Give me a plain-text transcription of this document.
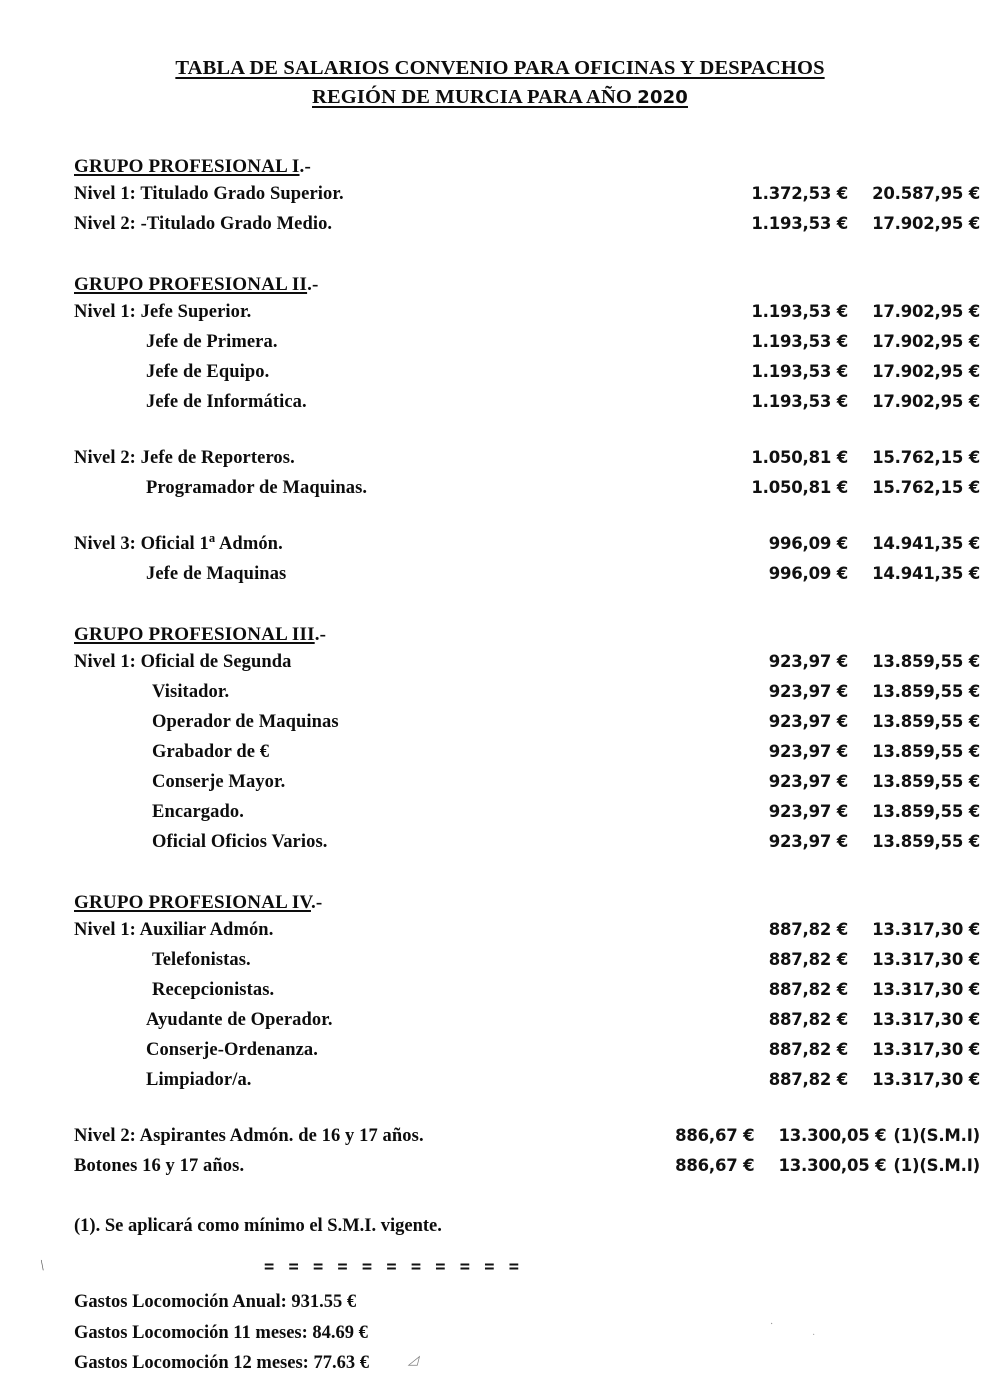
TABLA DE SALARIOS CONVENIO PARA OFICINAS Y DESPACHOS
REGIÓN DE MURCIA PARA AÑO 2020
GRUPO PROFESIONAL I.-
Nivel 1: Titulado Grado Superior.	1.372,53 €	20.587,95 €
Nivel 2: -Titulado Grado Medio.	1.193,53 €	17.902,95 €
GRUPO PROFESIONAL II.-
Nivel 1: Jefe Superior.	1.193,53 €	17.902,95 €
Jefe de Primera.	1.193,53 €	17.902,95 €
Jefe de Equipo.	1.193,53 €	17.902,95 €
Jefe de Informática.	1.193,53 €	17.902,95 €
Nivel 2: Jefe de Reporteros.	1.050,81 €	15.762,15 €
Programador de Maquinas.	1.050,81 €	15.762,15 €
Nivel 3: Oficial 1$^a$ Admón.	996,09 €	14.941,35 €
Jefe de Maquinas	996,09 €	14.941,35 €
GRUPO PROFESIONAL III.-
Nivel 1: Oficial de Segunda	923,97 €	13.859,55 €
Visitador.	923,97 €	13.859,55 €
Operador de Maquinas	923,97 €	13.859,55 €
Grabador de €	923,97 €	13.859,55 €
Conserje Mayor.	923,97 €	13.859,55 €
Encargado.	923,97 €	13.859,55 €
Oficial Oficios Varios.	923,97 €	13.859,55 €
GRUPO PROFESIONAL IV.-
Nivel 1: Auxiliar Admón.	887,82 €	13.317,30 €
Telefonistas.	887,82 €	13.317,30 €
Recepcionistas.	887,82 €	13.317,30 €
Ayudante de Operador.	887,82 €	13.317,30 €
Conserje-Ordenanza.	887,82 €	13.317,30 €
Limpiador/a.	887,82 €	13.317,30 €
Nivel 2: Aspirantes Admón. de 16 y 17 años.	886,67 €	13.300,05 € (1)(S.M.I)
Botones 16 y 17 años.	886,67 €	13.300,05 € (1)(S.M.I)
(1). Se aplicará como mínimo el S.M.I. vigente.
= = = = = = = = = = =
Gastos Locomoción Anual: 931.55 €
Gastos Locomoción 11 meses: 84.69 €
Gastos Locomoción 12 meses: 77.63 €
\
◿
·
·
